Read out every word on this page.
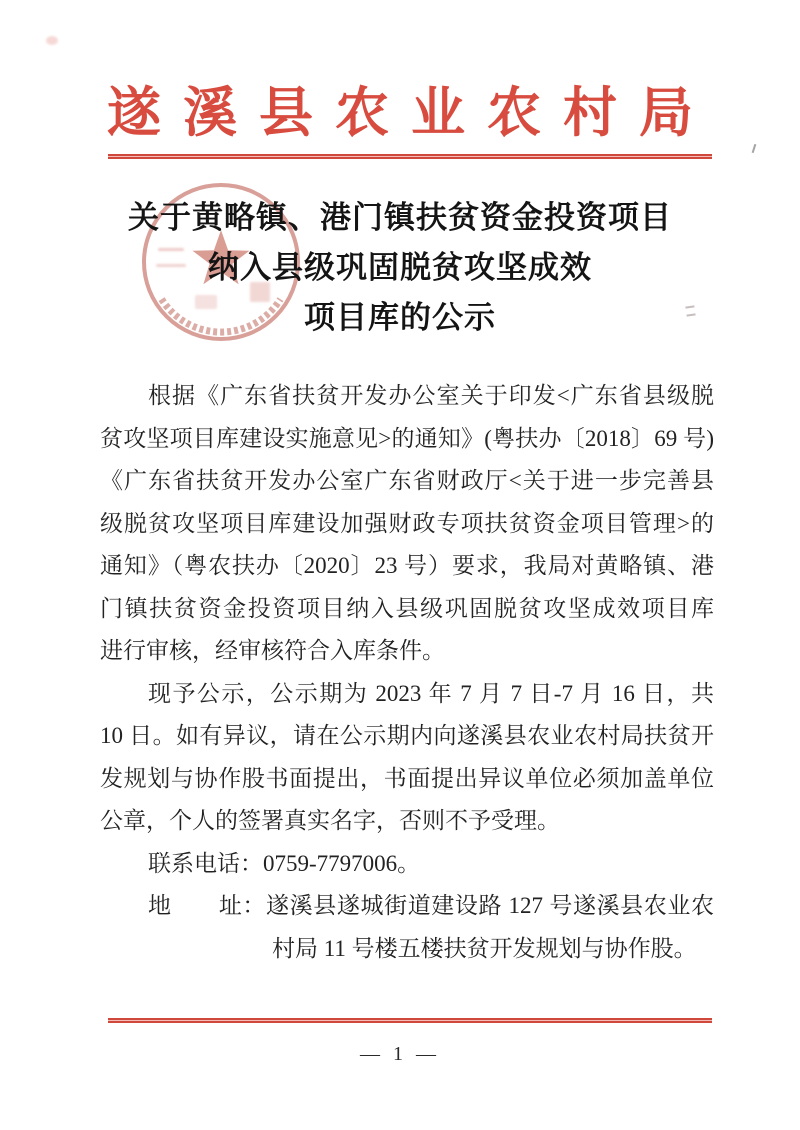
遂溪县农业农村局
关于黄略镇、港门镇扶贫资金投资项目
纳入县级巩固脱贫攻坚成效
项目库的公示
根据《广东省扶贫开发办公室关于印发<广东省县级脱
贫攻坚项目库建设实施意见>的通知》(粤扶办〔2018〕69 号)
《广东省扶贫开发办公室广东省财政厅<关于进一步完善县
级脱贫攻坚项目库建设加强财政专项扶贫资金项目管理>的
通知》（粤农扶办〔2020〕23 号）要求，我局对黄略镇、港
门镇扶贫资金投资项目纳入县级巩固脱贫攻坚成效项目库
进行审核，经审核符合入库条件。
现予公示，公示期为 2023 年 7 月 7 日-7 月 16 日，共
10 日。如有异议，请在公示期内向遂溪县农业农村局扶贫开
发规划与协作股书面提出，书面提出异议单位必须加盖单位
公章，个人的签署真实名字，否则不予受理。
联系电话：0759-7797006。
地　　址：遂溪县遂城街道建设路 127 号遂溪县农业农
村局 11 号楼五楼扶贫开发规划与协作股。
— 1 —
